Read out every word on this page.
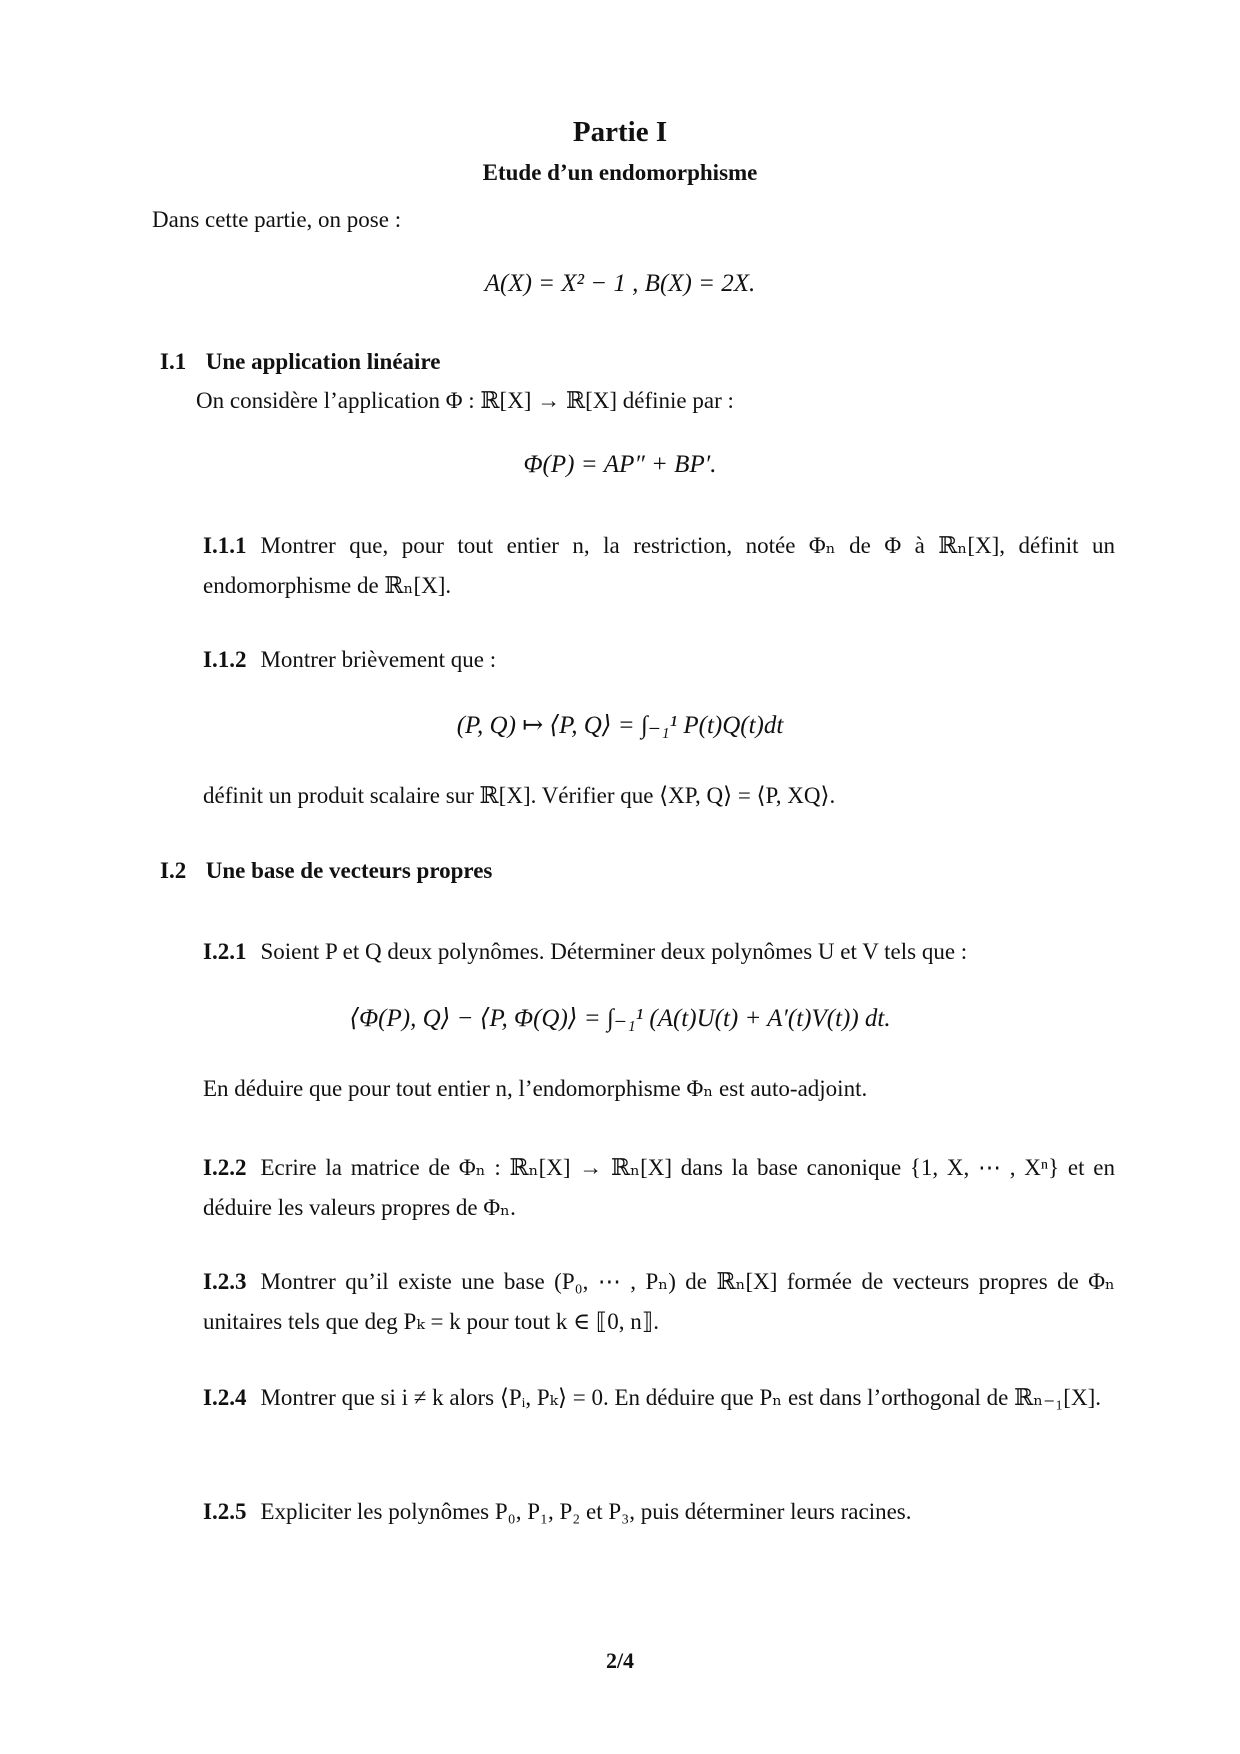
Partie I
Etude d’un endomorphisme
Dans cette partie, on pose :
A(X) = X² − 1 , B(X) = 2X.
I.1 Une application linéaire
On considère l’application Φ : ℝ[X] → ℝ[X] définie par :
Φ(P) = AP″ + BP′.
I.1.1 Montrer que, pour tout entier n, la restriction, notée Φₙ de Φ à ℝₙ[X], définit un endomorphisme de ℝₙ[X].
I.1.2 Montrer brièvement que :
(P, Q) ↦ ⟨P, Q⟩ = ∫₋₁¹ P(t)Q(t)dt
définit un produit scalaire sur ℝ[X]. Vérifier que ⟨XP, Q⟩ = ⟨P, XQ⟩.
I.2 Une base de vecteurs propres
I.2.1 Soient P et Q deux polynômes. Déterminer deux polynômes U et V tels que :
⟨Φ(P), Q⟩ − ⟨P, Φ(Q)⟩ = ∫₋₁¹ (A(t)U(t) + A′(t)V(t)) dt.
En déduire que pour tout entier n, l’endomorphisme Φₙ est auto-adjoint.
I.2.2 Ecrire la matrice de Φₙ : ℝₙ[X] → ℝₙ[X] dans la base canonique {1, X, ⋯ , Xⁿ} et en déduire les valeurs propres de Φₙ.
I.2.3 Montrer qu’il existe une base (P₀, ⋯ , Pₙ) de ℝₙ[X] formée de vecteurs propres de Φₙ unitaires tels que deg Pₖ = k pour tout k ∈ ⟦0, n⟧.
I.2.4 Montrer que si i ≠ k alors ⟨Pᵢ, Pₖ⟩ = 0. En déduire que Pₙ est dans l’orthogonal de ℝₙ₋₁[X].
I.2.5 Expliciter les polynômes P₀, P₁, P₂ et P₃, puis déterminer leurs racines.
2/4
